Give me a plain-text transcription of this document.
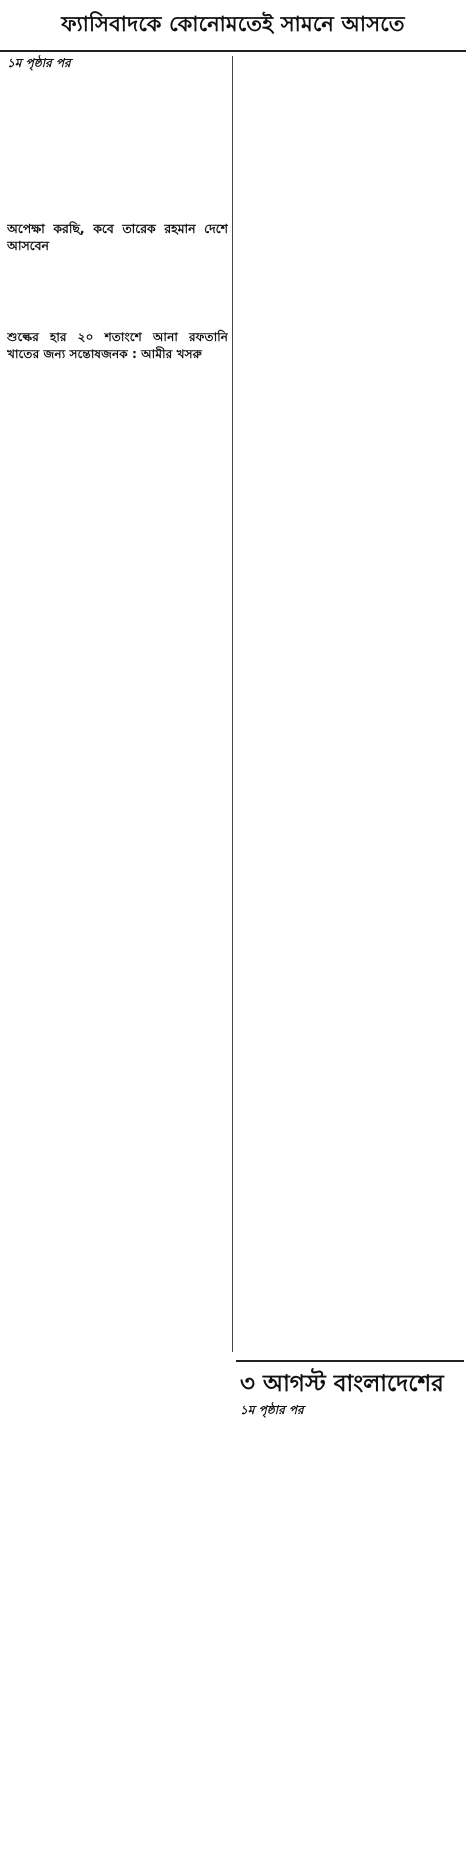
ফ্যাসিবাদকে কোনোমতেই সামনে আসতে
১ম পৃষ্ঠার পর

অপেক্ষা করছি, কবে তারেক রহমান দেশে আসবেন

শুল্কের হার ২০ শতাংশে আনা রফতানি খাতের জন্য সন্তোষজনক : আমীর খসরু

৩ আগস্ট বাংলাদেশের
১ম পৃষ্ঠার পর
